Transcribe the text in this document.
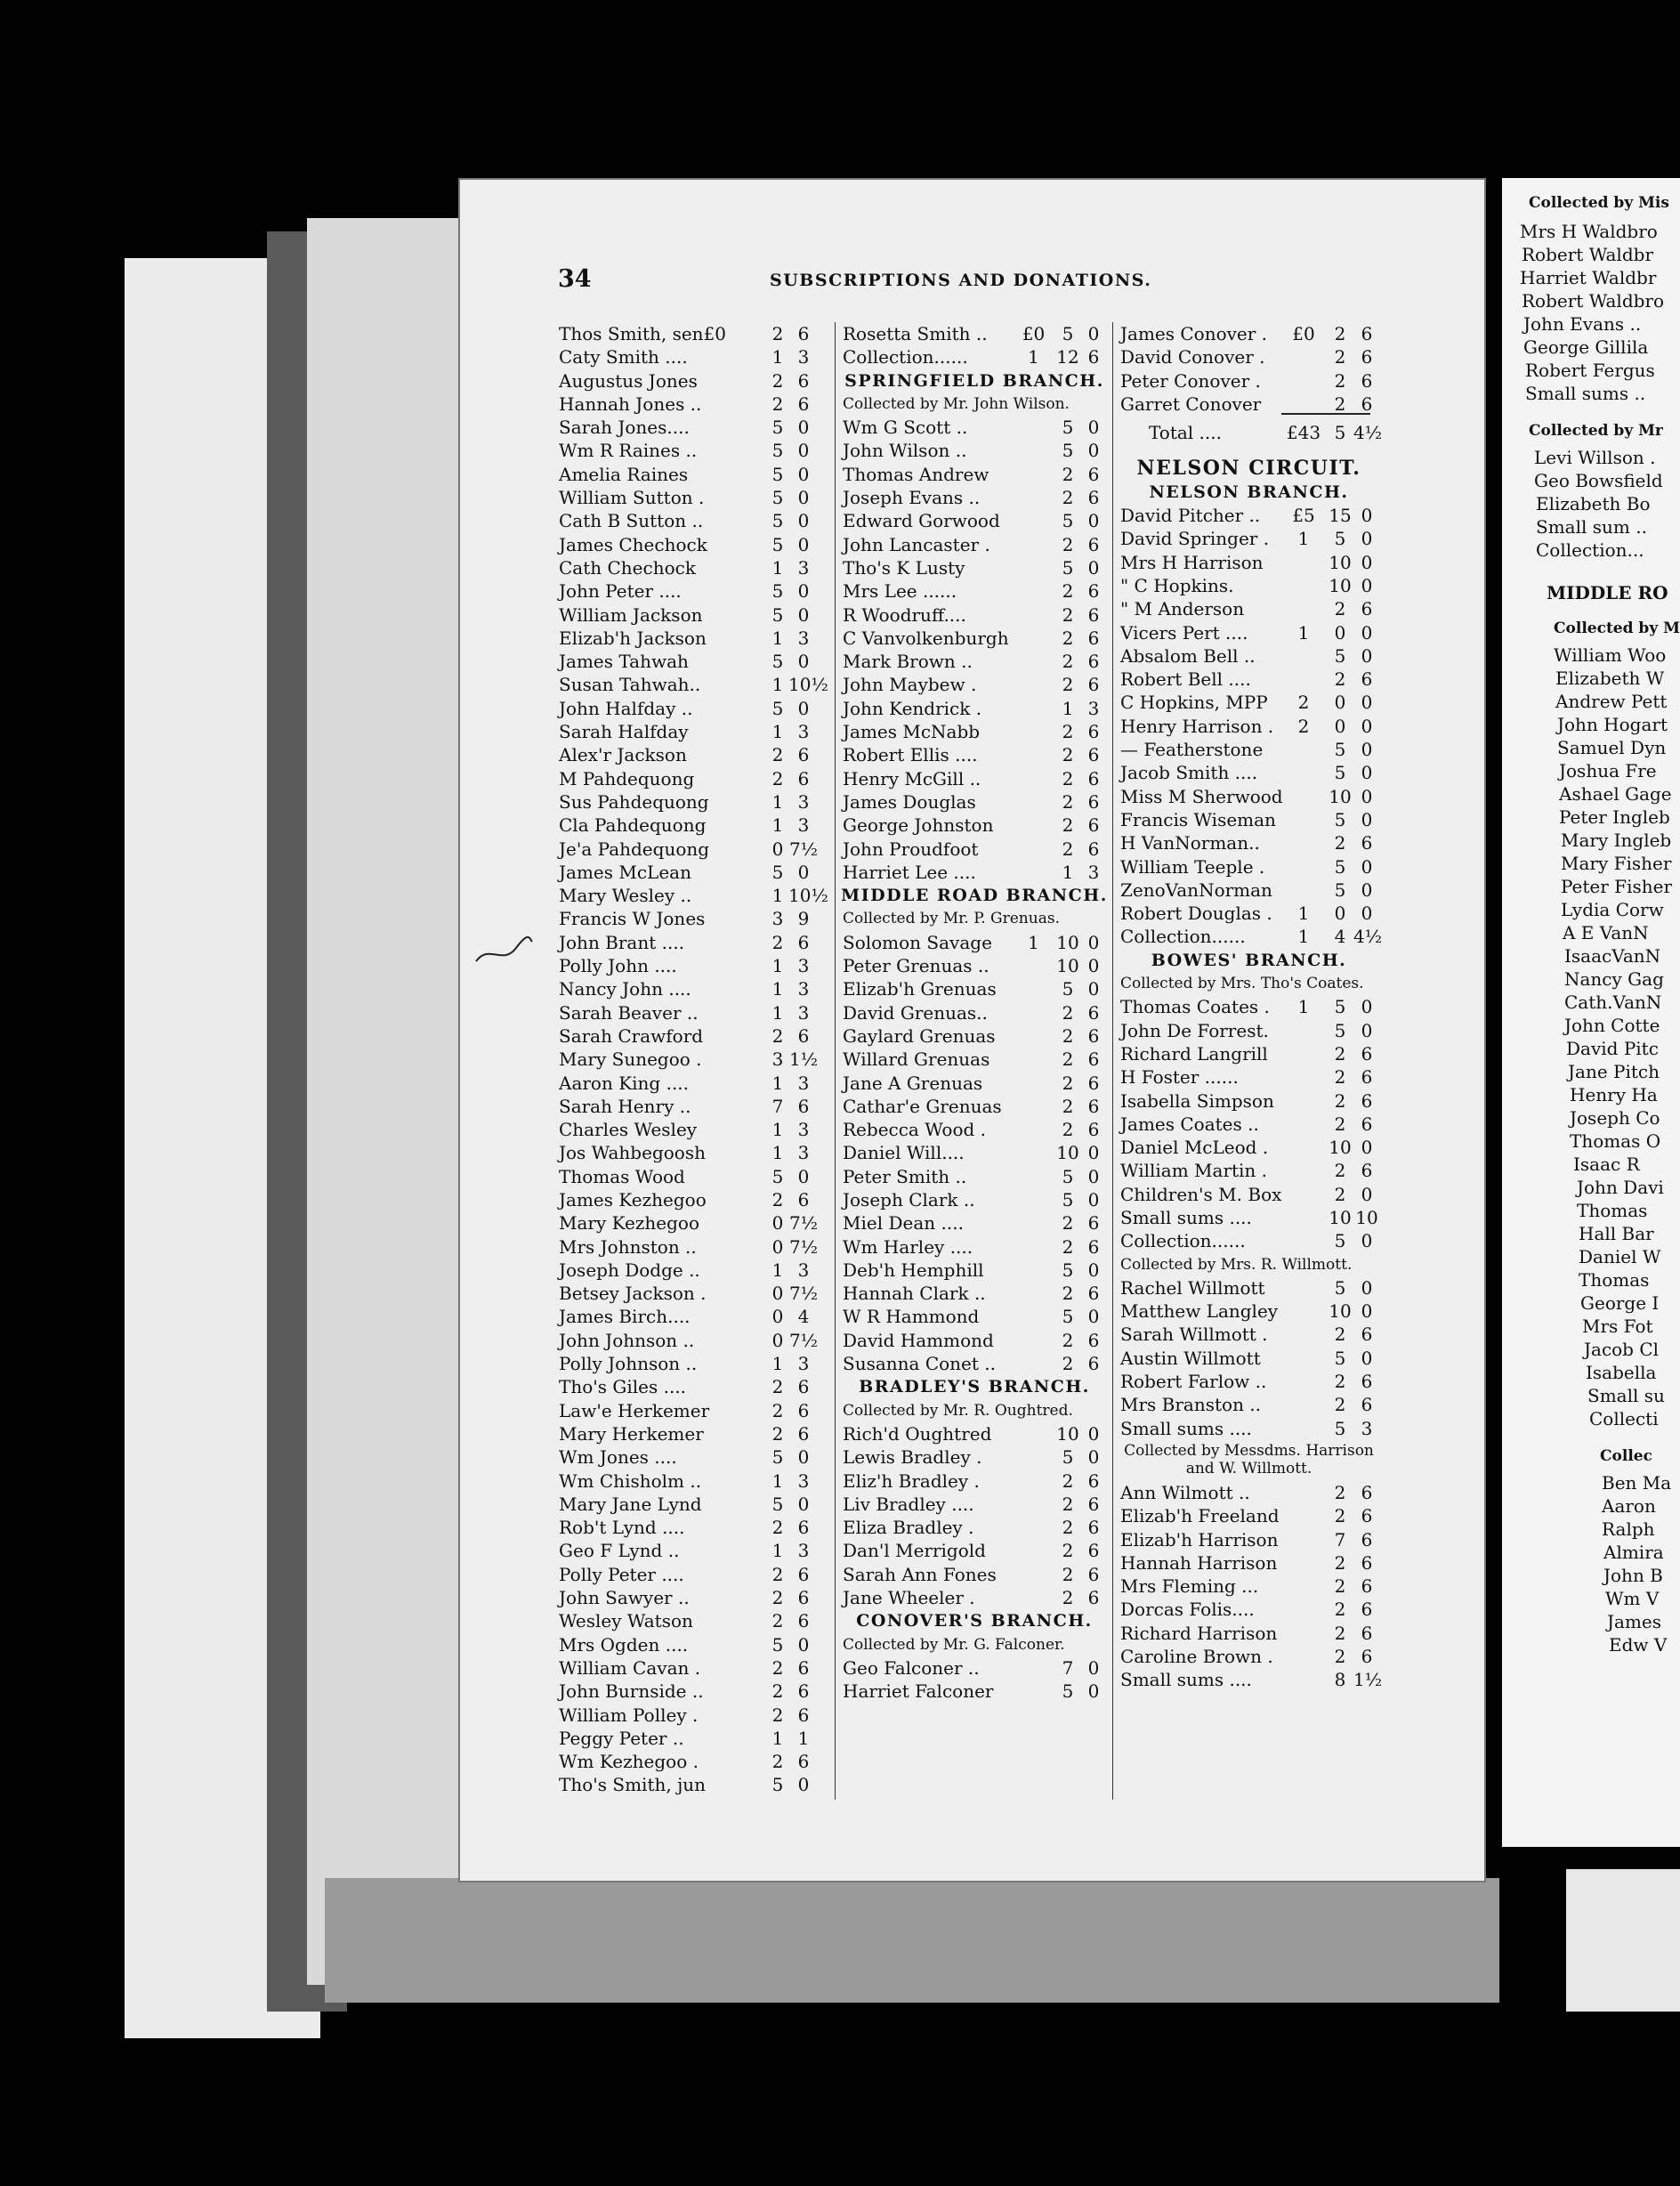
Collected by Mis
Mrs H Waldbro
Robert Waldbr
Harriet Waldbr
Robert Waldbro
John Evans ..
George Gillila
Robert Fergus
Small sums ..
Collected by Mr
Levi Willson .
Geo Bowsfield
Elizabeth Bo
Small sum ..
Collection...
MIDDLE RO
Collected by M
William Woo
Elizabeth W
Andrew Pett
John Hogart
Samuel Dyn
Joshua Fre
Ashael Gage
Peter Ingleb
Mary Ingleb
Mary Fisher
Peter Fisher
Lydia Corw
A E VanN
IsaacVanN
Nancy Gag
Cath.VanN
John Cotte
David Pitc
Jane Pitch
Henry Ha
Joseph Co
Thomas O
Isaac R
John Davi
Thomas
Hall Bar
Daniel W
Thomas
George I
Mrs Fot
Jacob Cl
Isabella
Small su
Collecti
Collec
Ben Ma
Aaron
Ralph
Almira
John B
Wm V
James
Edw V
34	SUBSCRIPTIONS AND DONATIONS.
Thos Smith, sen£0	2 6
Caty Smith ....	1 3
Augustus Jones	2 6
Hannah Jones ..	2 6
Sarah Jones....	5 0
Wm R Raines ..	5 0
Amelia Raines	5 0
William Sutton .	5 0
Cath B Sutton ..	5 0
James Chechock	5 0
Cath Chechock	1 3
John Peter ....	5 0
William Jackson	5 0
Elizab'h Jackson	1 3
James Tahwah	5 0
Susan Tahwah..	1 10½
John Halfday ..	5 0
Sarah Halfday	1 3
Alex'r Jackson	2 6
M Pahdequong	2 6
Sus Pahdequong	1 3
Cla Pahdequong	1 3
Je'a Pahdequong	0 7½
James McLean	5 0
Mary Wesley ..	1 10½
Francis W Jones	3 9
John Brant ....	2 6
Polly John ....	1 3
Nancy John ....	1 3
Sarah Beaver ..	1 3
Sarah Crawford	2 6
Mary Sunegoo .	3 1½
Aaron King ....	1 3
Sarah Henry ..	7 6
Charles Wesley	1 3
Jos Wahbegoosh	1 3
Thomas Wood	5 0
James Kezhegoo	2 6
Mary Kezhegoo	0 7½
Mrs Johnston ..	0 7½
Joseph Dodge ..	1 3
Betsey Jackson .	0 7½
James Birch....	0 4
John Johnson ..	0 7½
Polly Johnson ..	1 3
Tho's Giles ....	2 6
Law'e Herkemer	2 6
Mary Herkemer	2 6
Wm Jones ....	5 0
Wm Chisholm ..	1 3
Mary Jane Lynd	5 0
Rob't Lynd ....	2 6
Geo F Lynd ..	1 3
Polly Peter ....	2 6
John Sawyer ..	2 6
Wesley Watson	2 6
Mrs Ogden ....	5 0
William Cavan .	2 6
John Burnside ..	2 6
William Polley .	2 6
Peggy Peter ..	1 1
Wm Kezhegoo .	2 6
Tho's Smith, jun	5 0
Rosetta Smith ..	£0 5 0
Collection......	1 12 6
SPRINGFIELD BRANCH.
Collected by Mr. John Wilson.
Wm G Scott ..	5 0
John Wilson ..	5 0
Thomas Andrew	2 6
Joseph Evans ..	2 6
Edward Gorwood	5 0
John Lancaster .	2 6
Tho's K Lusty	5 0
Mrs Lee ......	2 6
R Woodruff....	2 6
C Vanvolkenburgh	2 6
Mark Brown ..	2 6
John Maybew .	2 6
John Kendrick .	1 3
James McNabb	2 6
Robert Ellis ....	2 6
Henry McGill ..	2 6
James Douglas	2 6
George Johnston	2 6
John Proudfoot	2 6
Harriet Lee ....	1 3
MIDDLE ROAD BRANCH.
Collected by Mr. P. Grenuas.
Solomon Savage	1 10 0
Peter Grenuas ..	10 0
Elizab'h Grenuas	5 0
David Grenuas..	2 6
Gaylard Grenuas	2 6
Willard Grenuas	2 6
Jane A Grenuas	2 6
Cathar'e Grenuas	2 6
Rebecca Wood .	2 6
Daniel Will....	10 0
Peter Smith ..	5 0
Joseph Clark ..	5 0
Miel Dean ....	2 6
Wm Harley ....	2 6
Deb'h Hemphill	5 0
Hannah Clark ..	2 6
W R Hammond	5 0
David Hammond	2 6
Susanna Conet ..	2 6
BRADLEY'S BRANCH.
Collected by Mr. R. Oughtred.
Rich'd Oughtred	10 0
Lewis Bradley .	5 0
Eliz'h Bradley .	2 6
Liv Bradley ....	2 6
Eliza Bradley .	2 6
Dan'l Merrigold	2 6
Sarah Ann Fones	2 6
Jane Wheeler .	2 6
CONOVER'S BRANCH.
Collected by Mr. G. Falconer.
Geo Falconer ..	7 0
Harriet Falconer	5 0
James Conover .	£0	2 6
David Conover .	2 6
Peter Conover .	2 6
Garret Conover	2 6
Total ....	£43 5 4½
NELSON CIRCUIT.
NELSON BRANCH.
David Pitcher ..	£5 15 0
David Springer .	1	5 0
Mrs H Harrison	10 0
" C Hopkins.	10 0
" M Anderson	2 6
Vicers Pert ....	1	0 0
Absalom Bell ..	5 0
Robert Bell ....	2 6
C Hopkins, MPP	2	0 0
Henry Harrison .	2	0 0
— Featherstone	5 0
Jacob Smith ....	5 0
Miss M Sherwood	10 0
Francis Wiseman	5 0
H VanNorman..	2 6
William Teeple .	5 0
ZenoVanNorman	5 0
Robert Douglas .	1	0 0
Collection......	1	4 4½
BOWES' BRANCH.
Collected by Mrs. Tho's Coates.
Thomas Coates .	1	5 0
John De Forrest.	5 0
Richard Langrill	2 6
H Foster ......	2 6
Isabella Simpson	2 6
James Coates ..	2 6
Daniel McLeod .	10 0
William Martin .	2 6
Children's M. Box	2 0
Small sums ....	10 10
Collection......	5 0
Collected by Mrs. R. Willmott.
Rachel Willmott	5 0
Matthew Langley	10 0
Sarah Willmott .	2 6
Austin Willmott	5 0
Robert Farlow ..	2 6
Mrs Branston ..	2 6
Small sums ....	5 3
Collected by Messdms. Harrison
and W. Willmott.
Ann Wilmott ..	2 6
Elizab'h Freeland	2 6
Elizab'h Harrison	7 6
Hannah Harrison	2 6
Mrs Fleming ...	2 6
Dorcas Folis....	2 6
Richard Harrison	2 6
Caroline Brown .	2 6
Small sums ....	8 1½
